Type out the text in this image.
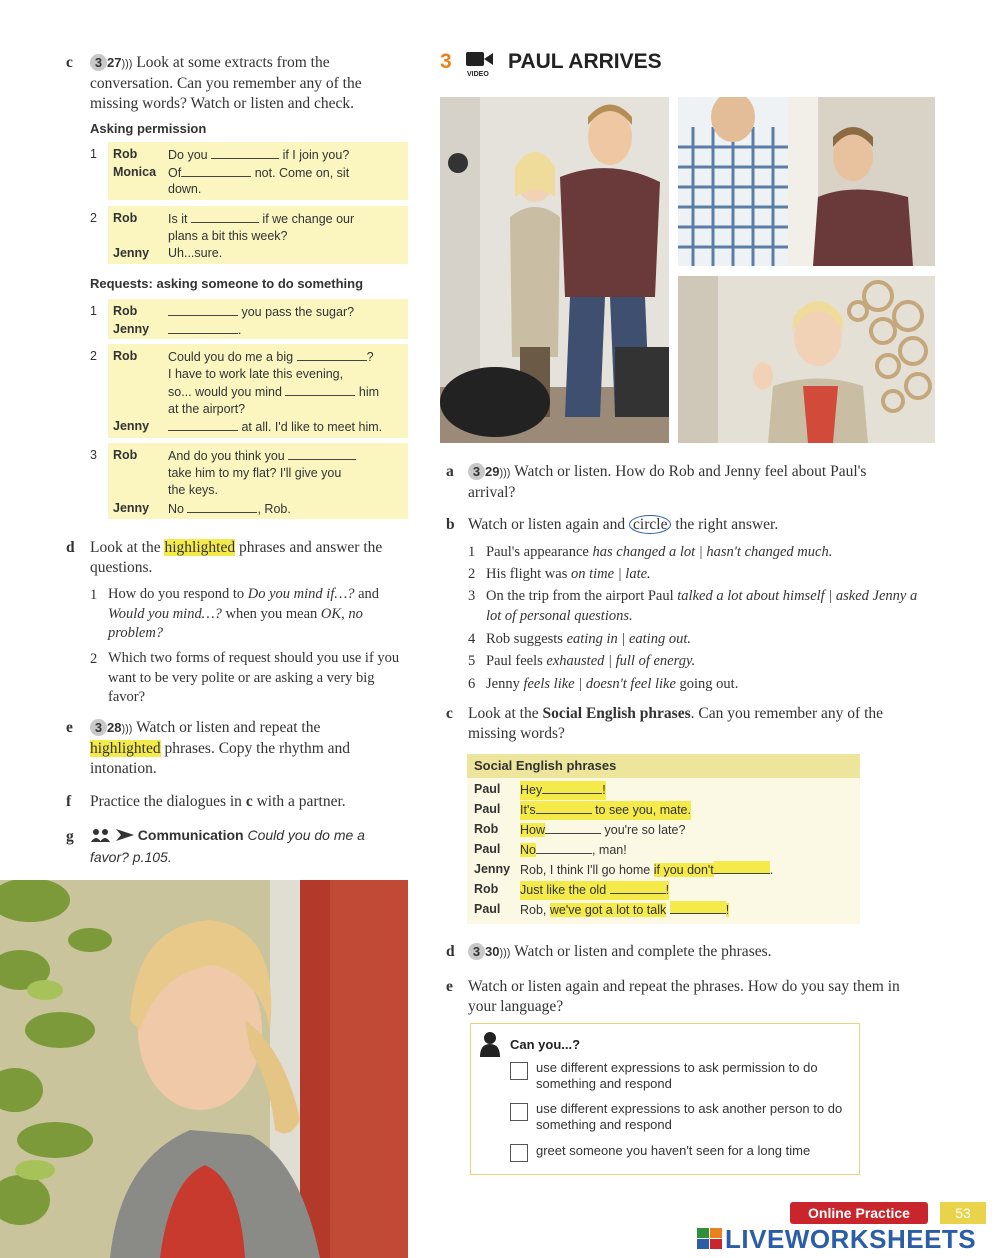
c	3 27))) Look at some extracts from the conversation. Can you remember any of the missing words? Watch or listen and check.
Asking permission
1 Rob Do you	if I join you?
Monica Of	not. Come on, sit
down.
2 Rob Is it	if we change our
plans a bit this week?
Jenny Uh...sure.
Requests: asking someone to do something
1 Rob	you pass the sugar?
Jenny	.
2 Rob Could you do me a big	?
I have to work late this evening,
so... would you mind	him
at the airport?
Jenny	at all. I'd like to meet him.
3 Rob And do you think you
take him to my flat? I'll give you
the keys.
Jenny No	, Rob.
d Look at the highlighted phrases and answer the questions.
1 How do you respond to Do you mind if…? and Would you mind…? when you mean OK, no problem?
2 Which two forms of request should you use if you want to be very polite or are asking a very big favor?
e	3 28))) Watch or listen and repeat the highlighted phrases. Copy the rhythm and intonation.
f Practice the dialogues in c with a partner.
g	Communication Could you do me a favor? p.105.
3
VIDEO
PAUL ARRIVES
a	3 29))) Watch or listen. How do Rob and Jenny feel about Paul's arrival?
b Watch or listen again and circle the right answer.
1 Paul's appearance has changed a lot | hasn't changed much.
2 His flight was on time | late.
3 On the trip from the airport Paul talked a lot about himself | asked Jenny a lot of personal questions.
4 Rob suggests eating in | eating out.
5 Paul feels exhausted | full of energy.
6 Jenny feels like | doesn't feel like going out.
c Look at the Social English phrases. Can you remember any of the missing words?
Social English phrases
Paul Hey	!
Paul It's	to see you, mate.
Rob How	you're so late?
Paul No	, man!
Jenny Rob, I think I'll go home if you don't	.
Rob Just like the old	!
Paul Rob, we've got a lot to talk	!
d	3 30))) Watch or listen and complete the phrases.
e Watch or listen again and repeat the phrases. How do you say them in your language?
Can you...?
use different expressions to ask permission to do something and respond
use different expressions to ask another person to do something and respond
greet someone you haven't seen for a long time
Online Practice	53
LIVEWORKSHEETS
